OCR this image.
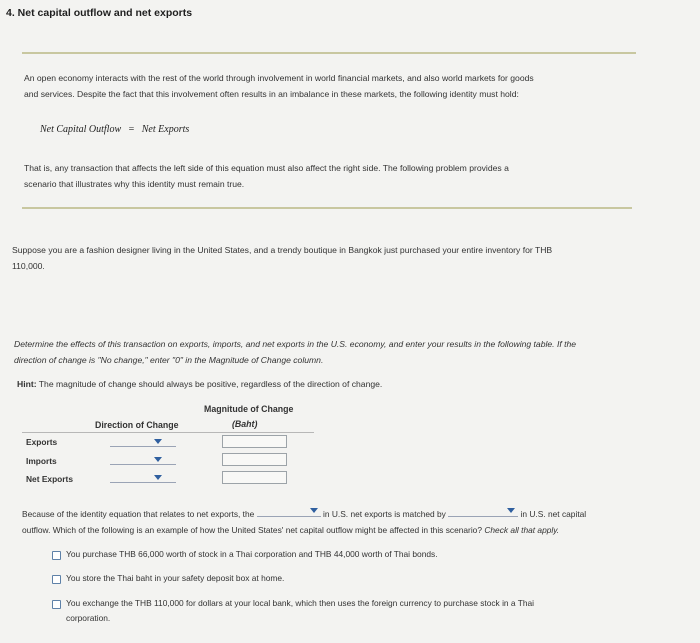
4. Net capital outflow and net exports
An open economy interacts with the rest of the world through involvement in world financial markets, and also world markets for goods
and services. Despite the fact that this involvement often results in an imbalance in these markets, the following identity must hold:
Net Capital Outflow = Net Exports
That is, any transaction that affects the left side of this equation must also affect the right side. The following problem provides a
scenario that illustrates why this identity must remain true.
Suppose you are a fashion designer living in the United States, and a trendy boutique in Bangkok just purchased your entire inventory for THB
110,000.
Determine the effects of this transaction on exports, imports, and net exports in the U.S. economy, and enter your results in the following table. If the
direction of change is "No change," enter "0" in the Magnitude of Change column.
Hint: The magnitude of change should always be positive, regardless of the direction of change.
Magnitude of Change
Direction of Change	(Baht)
Exports
Imports
Net Exports
Because of the identity equation that relates to net exports, the	in U.S. net exports is matched by	in U.S. net capital
outflow. Which of the following is an example of how the United States' net capital outflow might be affected in this scenario? Check all that apply.
You purchase THB 66,000 worth of stock in a Thai corporation and THB 44,000 worth of Thai bonds.
You store the Thai baht in your safety deposit box at home.
You exchange the THB 110,000 for dollars at your local bank, which then uses the foreign currency to purchase stock in a Thai
corporation.
